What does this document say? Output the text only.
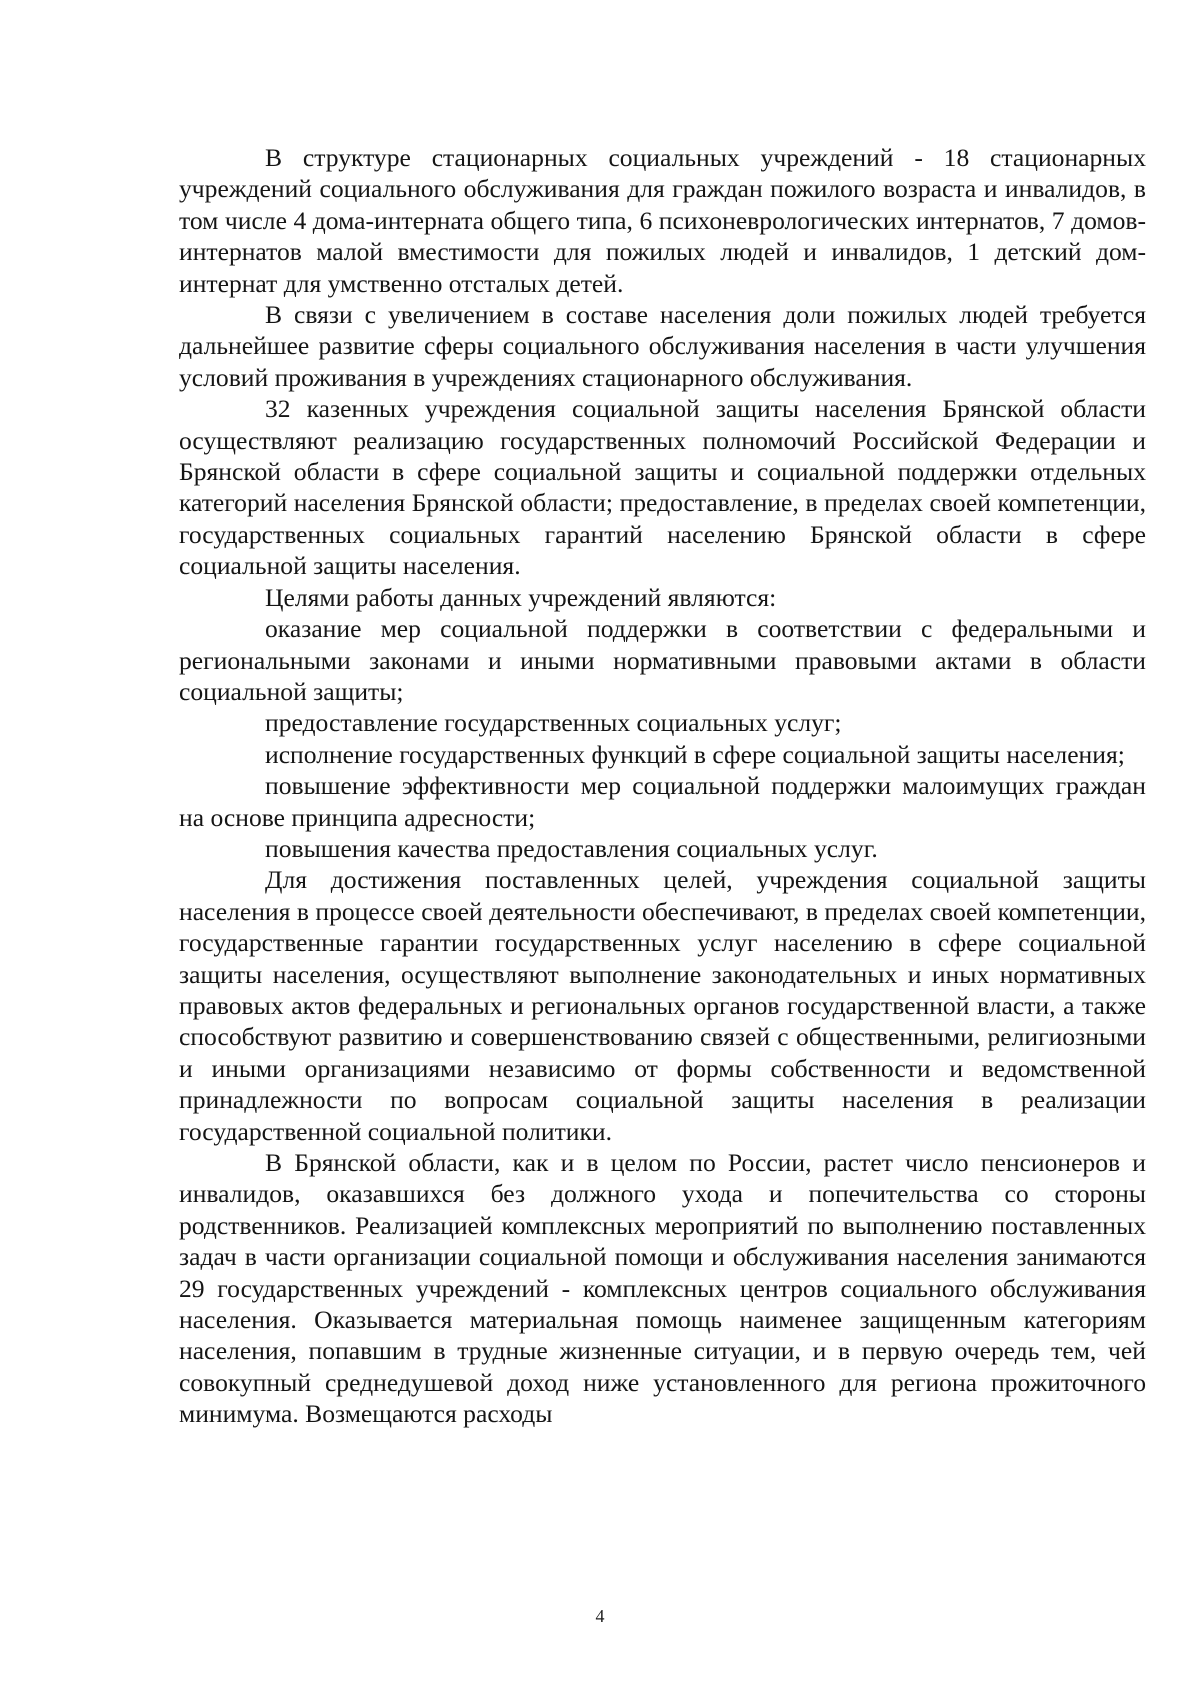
В структуре стационарных социальных учреждений - 18 стационарных учреждений социального обслуживания для граждан пожилого возраста и инвалидов, в том числе 4 дома-интерната общего типа, 6 психоневрологических интернатов, 7 домов-интернатов малой вместимости для пожилых людей и инвалидов, 1 детский дом-интернат для умственно отсталых детей.

В связи с увеличением в составе населения доли пожилых людей требуется дальнейшее развитие сферы социального обслуживания населения в части улучшения условий проживания в учреждениях стационарного обслуживания.

32 казенных учреждения социальной защиты населения Брянской области осуществляют реализацию государственных полномочий Российской Федерации и Брянской области в сфере социальной защиты и социальной поддержки отдельных категорий населения Брянской области; предоставление, в пределах своей компетенции, государственных социальных гарантий населению Брянской области в сфере социальной защиты населения.

Целями работы данных учреждений являются:

оказание мер социальной поддержки в соответствии с федеральными и региональными законами и иными нормативными правовыми актами в области социальной защиты;

предоставление государственных социальных услуг;

исполнение государственных функций в сфере социальной защиты населения;

повышение эффективности мер социальной поддержки малоимущих граждан на основе принципа адресности;

повышения качества предоставления социальных услуг.

Для достижения поставленных целей, учреждения социальной защиты населения в процессе своей деятельности обеспечивают, в пределах своей компетенции, государственные гарантии государственных услуг населению в сфере социальной защиты населения, осуществляют выполнение законодательных и иных нормативных правовых актов федеральных и региональных органов государственной власти, а также способствуют развитию и совершенствованию связей с общественными, религиозными и иными организациями независимо от формы собственности и ведомственной принадлежности по вопросам социальной защиты населения в реализации государственной социальной политики.

В Брянской области, как и в целом по России, растет число пенсионеров и инвалидов, оказавшихся без должного ухода и попечительства со стороны родственников. Реализацией комплексных мероприятий по выполнению поставленных задач в части организации социальной помощи и обслуживания населения занимаются 29 государственных учреждений - комплексных центров социального обслуживания населения. Оказывается материальная помощь наименее защищенным категориям населения, попавшим в трудные жизненные ситуации, и в первую очередь тем, чей совокупный среднедушевой доход ниже установленного для региона прожиточного минимума. Возмещаются расходы

4
